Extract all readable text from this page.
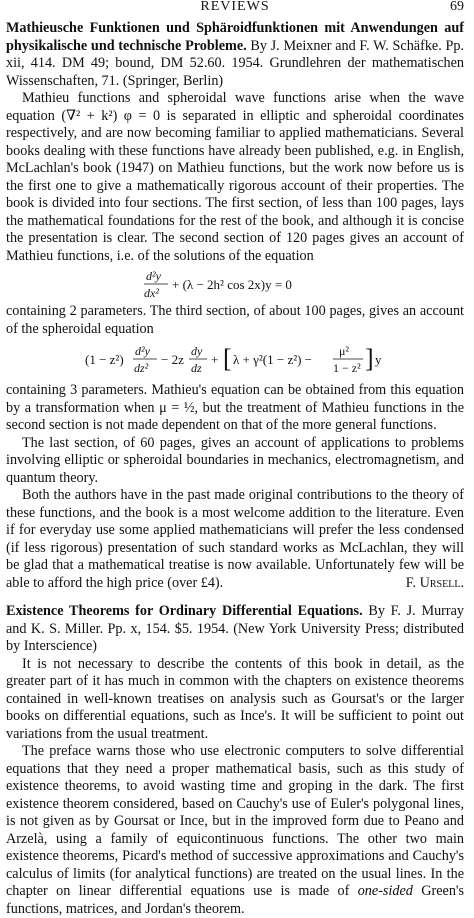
REVIEWS	69

Mathieusche Funktionen und Sphäroidfunktionen mit Anwendungen auf physikalische und technische Probleme. By J. Meixner and F. W. Schäfke. Pp. xii, 414. DM 49; bound, DM 52.60. 1954. Grundlehren der mathematischen Wissenschaften, 71. (Springer, Berlin)

Mathieu functions and spheroidal wave functions arise when the wave equation (∇² + k²) φ = 0 is separated in elliptic and spheroidal coordinates respectively, and are now becoming familiar to applied mathematicians. Several books dealing with these functions have already been published, e.g. in English, McLachlan's book (1947) on Mathieu functions, but the work now before us is the first one to give a mathematically rigorous account of their properties. The book is divided into four sections. The first section, of less than 100 pages, lays the mathematical foundations for the rest of the book, and although it is concise the presentation is clear. The second section of 120 pages gives an account of Mathieu functions, i.e. of the solutions of the equation

d²y
dx²
+ (λ − 2h² cos 2x)y = 0

containing 2 parameters. The third section, of about 100 pages, gives an account of the spheroidal equation

(1 − z²)
d²y
dz²
− 2z
dy
dz
+ [ λ + γ²(1 − z²) −
μ²
1 − z² ] y

containing 3 parameters. Mathieu's equation can be obtained from this equation by a transformation when μ = ½, but the treatment of Mathieu functions in the second section is not made dependent on that of the more general functions.

The last section, of 60 pages, gives an account of applications to problems involving elliptic or spheroidal boundaries in mechanics, electromagnetism, and quantum theory.

Both the authors have in the past made original contributions to the theory of these functions, and the book is a most welcome addition to the literature. Even if for everyday use some applied mathematicians will prefer the less condensed (if less rigorous) presentation of such standard works as McLachlan, they will be glad that a mathematical treatise is now available. Unfortunately few will be able to afford the high price (over £4).	F. Ursell.

Existence Theorems for Ordinary Differential Equations. By F. J. Murray and K. S. Miller. Pp. x, 154. $5. 1954. (New York University Press; distributed by Interscience)

It is not necessary to describe the contents of this book in detail, as the greater part of it has much in common with the chapters on existence theorems contained in well-known treatises on analysis such as Goursat's or the larger books on differential equations, such as Ince's. It will be sufficient to point out variations from the usual treatment.

The preface warns those who use electronic computers to solve differential equations that they need a proper mathematical basis, such as this study of existence theorems, to avoid wasting time and groping in the dark. The first existence theorem considered, based on Cauchy's use of Euler's polygonal lines, is not given as by Goursat or Ince, but in the improved form due to Peano and Arzelà, using a family of equicontinuous functions. The other two main existence theorems, Picard's method of successive approximations and Cauchy's calculus of limits (for analytical functions) are treated on the usual lines. In the chapter on linear differential equations use is made of one-sided Green's functions, matrices, and Jordan's theorem.
